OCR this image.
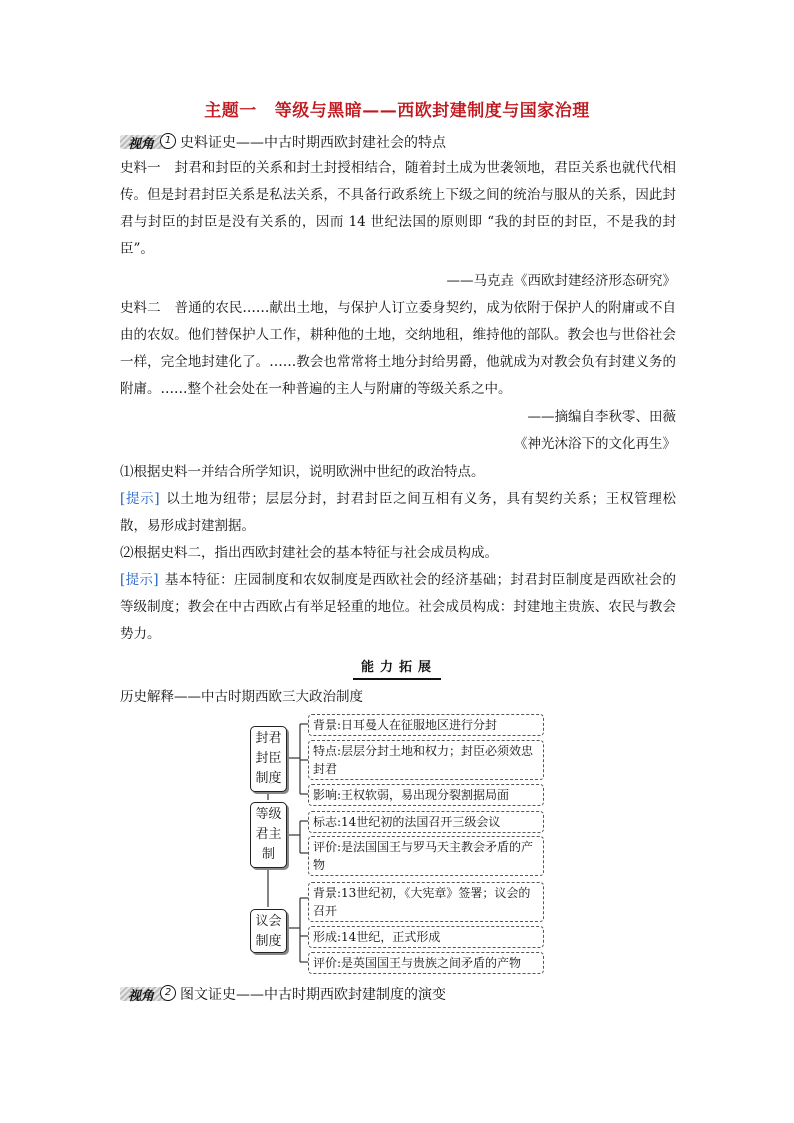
主题一 等级与黑暗——西欧封建制度与国家治理
视角	1 史料证史——中古时期西欧封建社会的特点
史料一 封君和封臣的关系和封土封授相结合，随着封土成为世袭领地，君臣关系也就代代相传。但是封君封臣关系是私法关系，不具备行政系统上下级之间的统治与服从的关系，因此封君与封臣的封臣是没有关系的，因而 14 世纪法国的原则即 “我的封臣的封臣，不是我的封臣”。
——马克垚《西欧封建经济形态研究》
史料二 普通的农民……献出土地，与保护人订立委身契约，成为依附于保护人的附庸或不自由的农奴。他们替保护人工作，耕种他的土地，交纳地租，维持他的部队。教会也与世俗社会一样，完全地封建化了。……教会也常常将土地分封给男爵，他就成为对教会负有封建义务的附庸。……整个社会处在一种普遍的主人与附庸的等级关系之中。
——摘编自李秋零、田薇
《神光沐浴下的文化再生》
⑴根据史料一并结合所学知识，说明欧洲中世纪的政治特点。
[提示] 以土地为纽带；层层分封，封君封臣之间互相有义务，具有契约关系；王权管理松散，易形成封建割据。
⑵根据史料二，指出西欧封建社会的基本特征与社会成员构成。
[提示] 基本特征：庄园制度和农奴制度是西欧社会的经济基础；封君封臣制度是西欧社会的等级制度；教会在中古西欧占有举足轻重的地位。社会成员构成：封建地主贵族、农民与教会势力。
能力拓展
历史解释——中古时期西欧三大政治制度
封君
封臣
制度
等级
君主
制
议会
制度
背景:日耳曼人在征服地区进行分封
特点:层层分封土地和权力；封臣必须效忠封君
影响:王权软弱，易出现分裂割据局面
标志:14世纪初的法国召开三级会议
评价:是法国国王与罗马天主教会矛盾的产物
背景:13世纪初，《大宪章》签署；议会的召开
形成:14世纪，正式形成
评价:是英国国王与贵族之间矛盾的产物
视角	2 图文证史——中古时期西欧封建制度的演变
